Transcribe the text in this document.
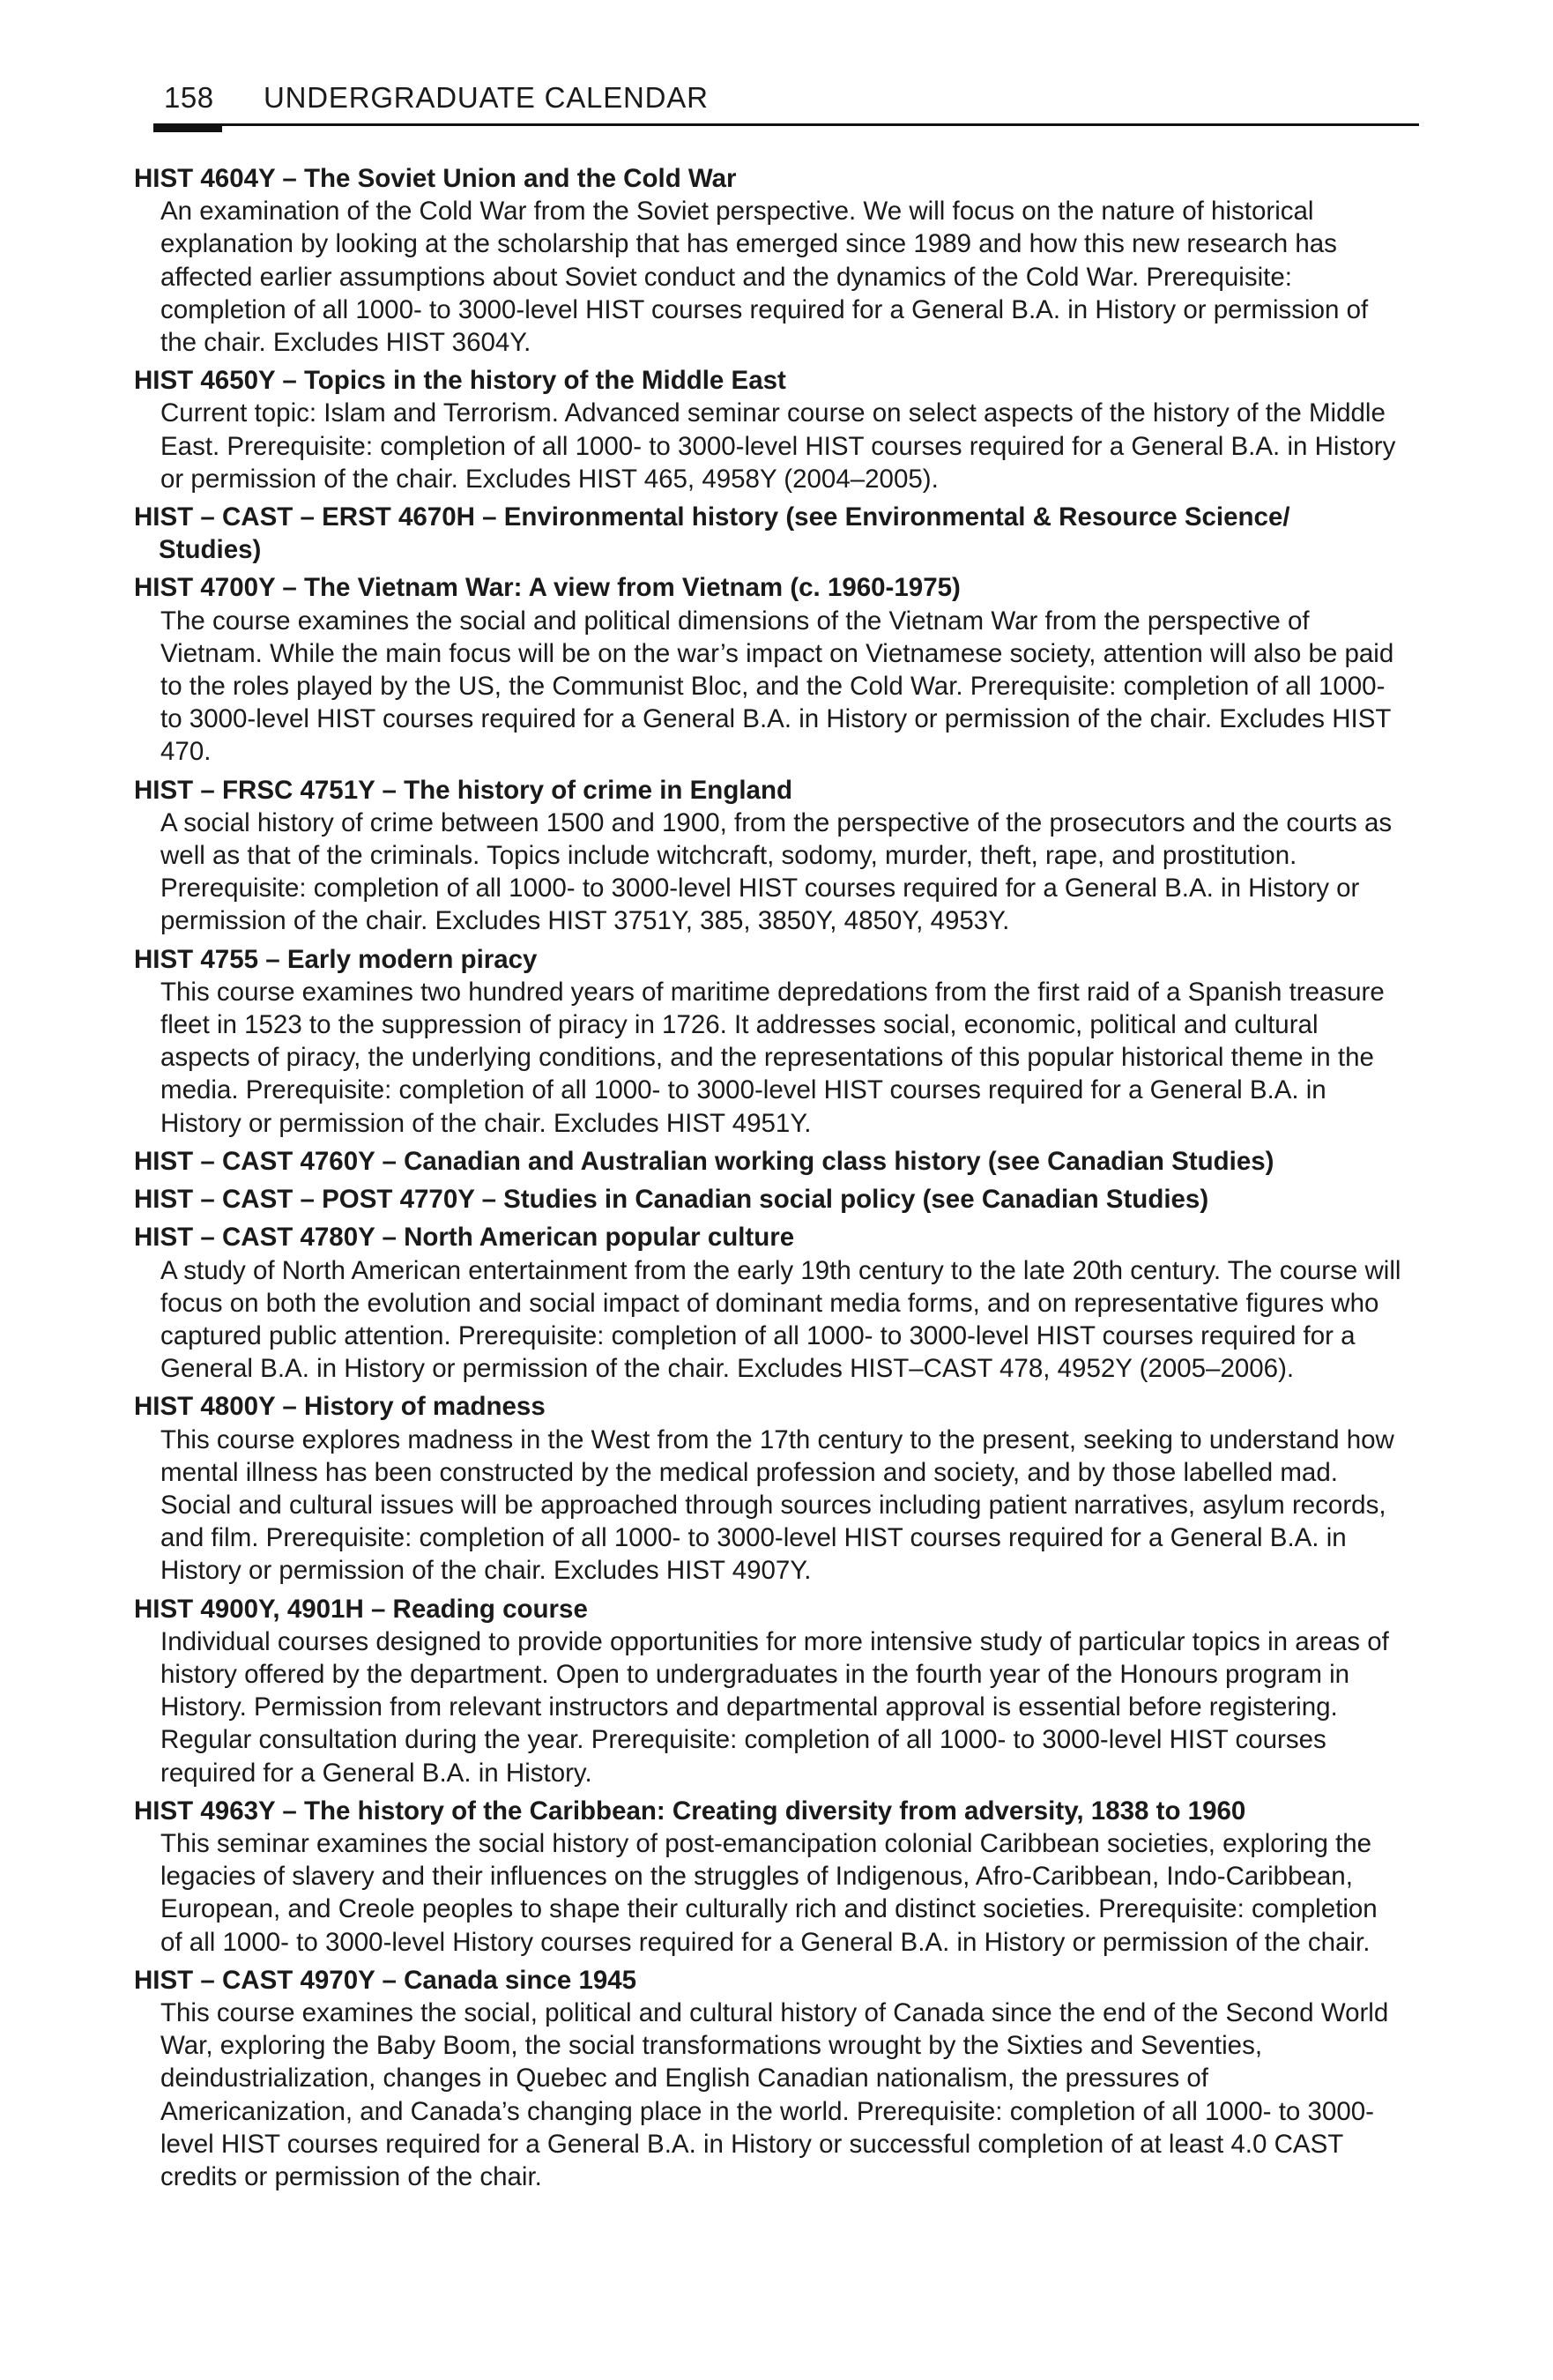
158 UNDERGRADUATE CALENDAR

HIST 4604Y – The Soviet Union and the Cold War

An examination of the Cold War from the Soviet perspective. We will focus on the nature of historical explanation by looking at the scholarship that has emerged since 1989 and how this new research has affected earlier assumptions about Soviet conduct and the dynamics of the Cold War. Prerequisite: completion of all 1000- to 3000-level HIST courses required for a General B.A. in History or permission of the chair. Excludes HIST 3604Y.

HIST 4650Y – Topics in the history of the Middle East

Current topic: Islam and Terrorism. Advanced seminar course on select aspects of the history of the Middle East. Prerequisite: completion of all 1000- to 3000-level HIST courses required for a General B.A. in History or permission of the chair. Excludes HIST 465, 4958Y (2004–2005).

HIST – CAST – ERST 4670H – Environmental history (see Environmental & Resource Science/
Studies)

HIST 4700Y – The Vietnam War: A view from Vietnam (c. 1960-1975)

The course examines the social and political dimensions of the Vietnam War from the perspective of Vietnam. While the main focus will be on the war’s impact on Vietnamese society, attention will also be paid to the roles played by the US, the Communist Bloc, and the Cold War. Prerequisite: completion of all 1000- to 3000-level HIST courses required for a General B.A. in History or permission of the chair. Excludes HIST 470.

HIST – FRSC 4751Y – The history of crime in England

A social history of crime between 1500 and 1900, from the perspective of the prosecutors and the courts as well as that of the criminals. Topics include witchcraft, sodomy, murder, theft, rape, and prostitution. Prerequisite: completion of all 1000- to 3000-level HIST courses required for a General B.A. in History or permission of the chair. Excludes HIST 3751Y, 385, 3850Y, 4850Y, 4953Y.

HIST 4755 – Early modern piracy

This course examines two hundred years of maritime depredations from the first raid of a Spanish treasure fleet in 1523 to the suppression of piracy in 1726. It addresses social, economic, political and cultural aspects of piracy, the underlying conditions, and the representations of this popular historical theme in the media. Prerequisite: completion of all 1000- to 3000-level HIST courses required for a General B.A. in History or permission of the chair. Excludes HIST 4951Y.

HIST – CAST 4760Y – Canadian and Australian working class history (see Canadian Studies)

HIST – CAST – POST 4770Y – Studies in Canadian social policy (see Canadian Studies)

HIST – CAST 4780Y – North American popular culture

A study of North American entertainment from the early 19th century to the late 20th century. The course will focus on both the evolution and social impact of dominant media forms, and on representative figures who captured public attention. Prerequisite: completion of all 1000- to 3000-level HIST courses required for a General B.A. in History or permission of the chair. Excludes HIST–CAST 478, 4952Y (2005–2006).

HIST 4800Y – History of madness

This course explores madness in the West from the 17th century to the present, seeking to understand how mental illness has been constructed by the medical profession and society, and by those labelled mad. Social and cultural issues will be approached through sources including patient narratives, asylum records, and film. Prerequisite: completion of all 1000- to 3000-level HIST courses required for a General B.A. in History or permission of the chair. Excludes HIST 4907Y.

HIST 4900Y, 4901H – Reading course

Individual courses designed to provide opportunities for more intensive study of particular topics in areas of history offered by the department. Open to undergraduates in the fourth year of the Honours program in History. Permission from relevant instructors and departmental approval is essential before registering. Regular consultation during the year. Prerequisite: completion of all 1000- to 3000-level HIST courses required for a General B.A. in History.

HIST 4963Y – The history of the Caribbean: Creating diversity from adversity, 1838 to 1960

This seminar examines the social history of post-emancipation colonial Caribbean societies, exploring the legacies of slavery and their influences on the struggles of Indigenous, Afro-Caribbean, Indo-Caribbean, European, and Creole peoples to shape their culturally rich and distinct societies. Prerequisite: completion of all 1000- to 3000-level History courses required for a General B.A. in History or permission of the chair.

HIST – CAST 4970Y – Canada since 1945

This course examines the social, political and cultural history of Canada since the end of the Second World War, exploring the Baby Boom, the social transformations wrought by the Sixties and Seventies, deindustrialization, changes in Quebec and English Canadian nationalism, the pressures of Americanization, and Canada’s changing place in the world. Prerequisite: completion of all 1000- to 3000- level HIST courses required for a General B.A. in History or successful completion of at least 4.0 CAST credits or permission of the chair.
